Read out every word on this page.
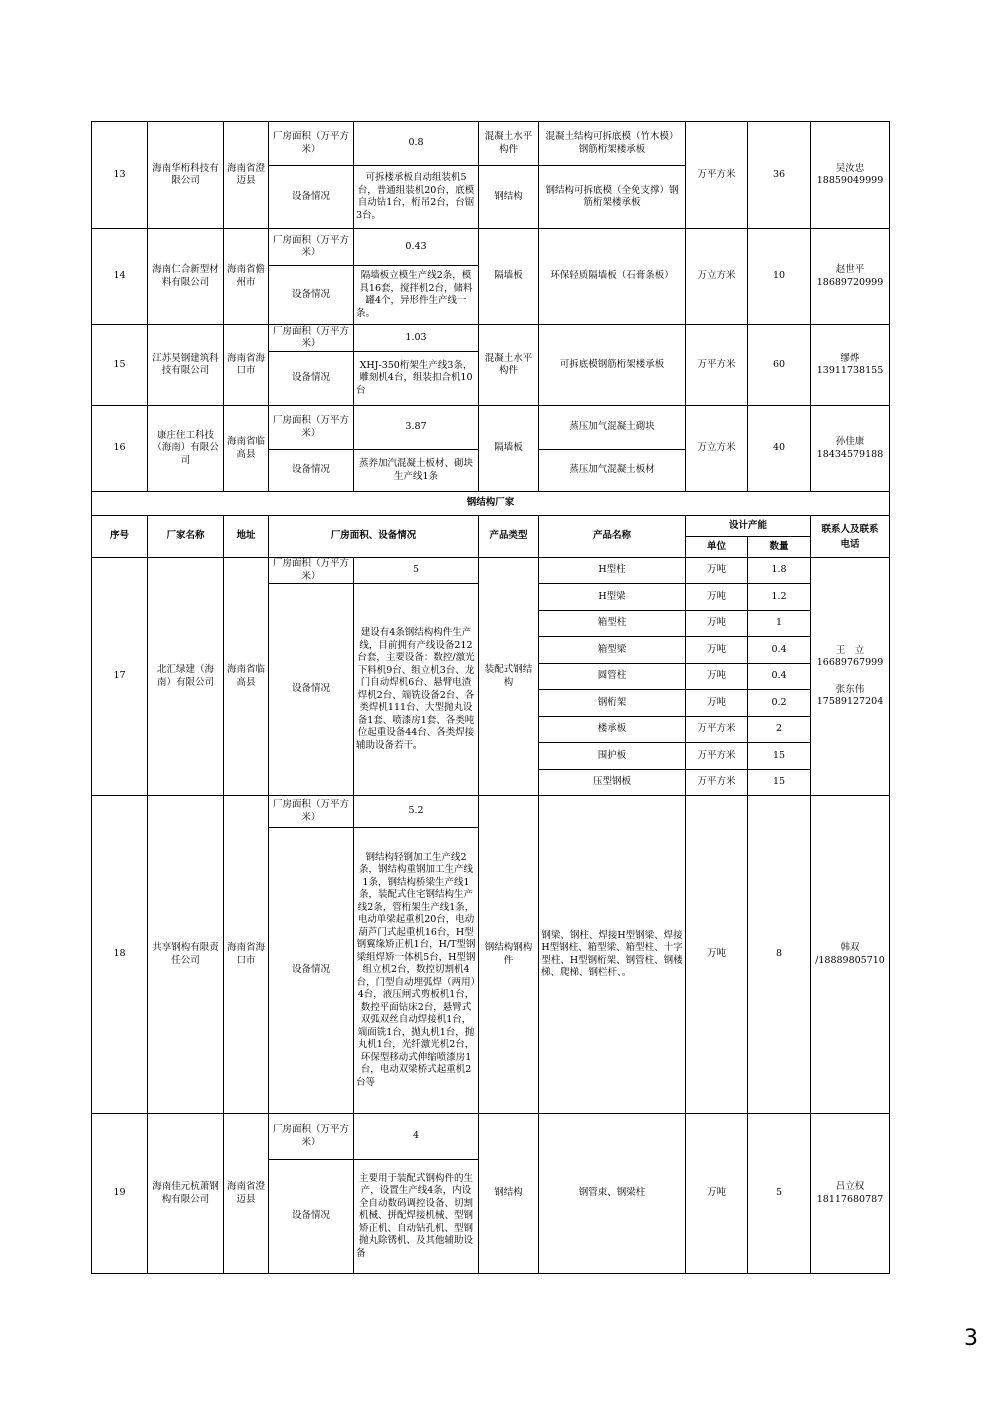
13	海南华桁科技有限公司	海南省澄迈县	厂房面积（万平方米）	0.8	混凝土水平构件	混凝土结构可拆底模（竹木模）钢筋桁架楼承板	万平方米	36	吴汝忠
18859049999
			设备情况	可拆楼承板自动组装机5台，普通组装机20台，底模自动钻1台，桁吊2台，台锯3台。	钢结构	钢结构可拆底模（全免支撑）钢筋桁架楼承板			
14	海南仁合新型材料有限公司	海南省儋州市	厂房面积（万平方米）	0.43	隔墙板	环保轻质隔墙板（石膏条板）	万立方米	10	赵世平
18689720999
			设备情况	隔墙板立模生产线2条，模具16套，搅拌机2台，储料罐4个，异形件生产线一条。					
15	江苏昊钢建筑科技有限公司	海南省海口市	厂房面积（万平方米）	1.03	混凝土水平构件	可拆底模钢筋桁架楼承板	万平方米	60	缪烨
13911738155
			设备情况	XHJ-350桁架生产线3条，雕刻机4台，组装扣合机10台					
16	康庄住工科技（海南）有限公司	海南省临高县	厂房面积（万平方米）	3.87	隔墙板	蒸压加气混凝土砌块	万立方米	40	孙佳康
18434579188
			设备情况	蒸养加汽混凝土板材、砌块生产线1条		蒸压加气混凝土板材			
钢结构厂家									
序号	厂家名称	地址	厂房面积、设备情况		产品类型	产品名称	设计产能		联系人及联系电话
							单位	数量	
17	北汇绿建（海南）有限公司	海南省临高县	厂房面积（万平方米）	5	装配式钢结构	H型柱	万吨	1.8	王　立
16689767999
张东伟
17589127204
			设备情况	建设有4条钢结构构件生产线，目前拥有产线设备212台套，主要设备：数控/激光下料机9台、组立机3台、龙门自动焊机6台、悬臂电渣焊机2台、端铣设备2台、各类焊机111台、大型抛丸设备1套、喷漆房1套、各类吨位起重设备44台、各类焊接辅助设备若干。		H型梁	万吨	1.2	
						箱型柱	万吨	1	
						箱型梁	万吨	0.4	
						圆管柱	万吨	0.4	
						钢桁架	万吨	0.2	
						楼承板	万平方米	2	
						围护板	万平方米	15	
						压型钢板	万平方米	15	
18	共享钢构有限责任公司	海南省海口市	厂房面积（万平方米）	5.2	钢结构钢构件	钢梁、钢柱、焊接H型钢梁、焊接H型钢柱、箱型梁、箱型柱、十字型柱、H型钢桁架、钢管柱、钢楼梯、爬梯、钢栏杆、。	万吨	8	韩双
/18889805710
			设备情况	钢结构轻钢加工生产线2条，钢结构重钢加工生产线1条，钢结构桥梁生产线1条，装配式住宅钢结构生产线2条，管桁架生产线1条，电动单梁起重机20台，电动葫芦门式起重机16台，H型钢翼缘矫正机1台，H/T型钢梁组焊矫一体机5台，H型钢组立机2台，数控切割机4台，门型自动埋弧焊（两用）4台，液压闸式剪板机1台，数控平面钻床2台，悬臂式双弧双丝自动焊接机1台，端面铣1台，抛丸机1台，抛丸机1台，光纤激光机2台，环保型移动式伸缩喷漆房1台，电动双梁桥式起重机2台等					
19	海南佳元杭萧钢构有限公司	海南省澄迈县	厂房面积（万平方米）	4	钢结构	钢管束、钢梁柱	万吨	5	吕立权
18117680787
			设备情况	主要用于装配式钢构件的生产，设置生产线4条，内设全自动数码调控设备、切割机械、拼配焊接机械、型钢矫正机、自动钻孔机、型钢抛丸除锈机、及其他辅助设备					
3
